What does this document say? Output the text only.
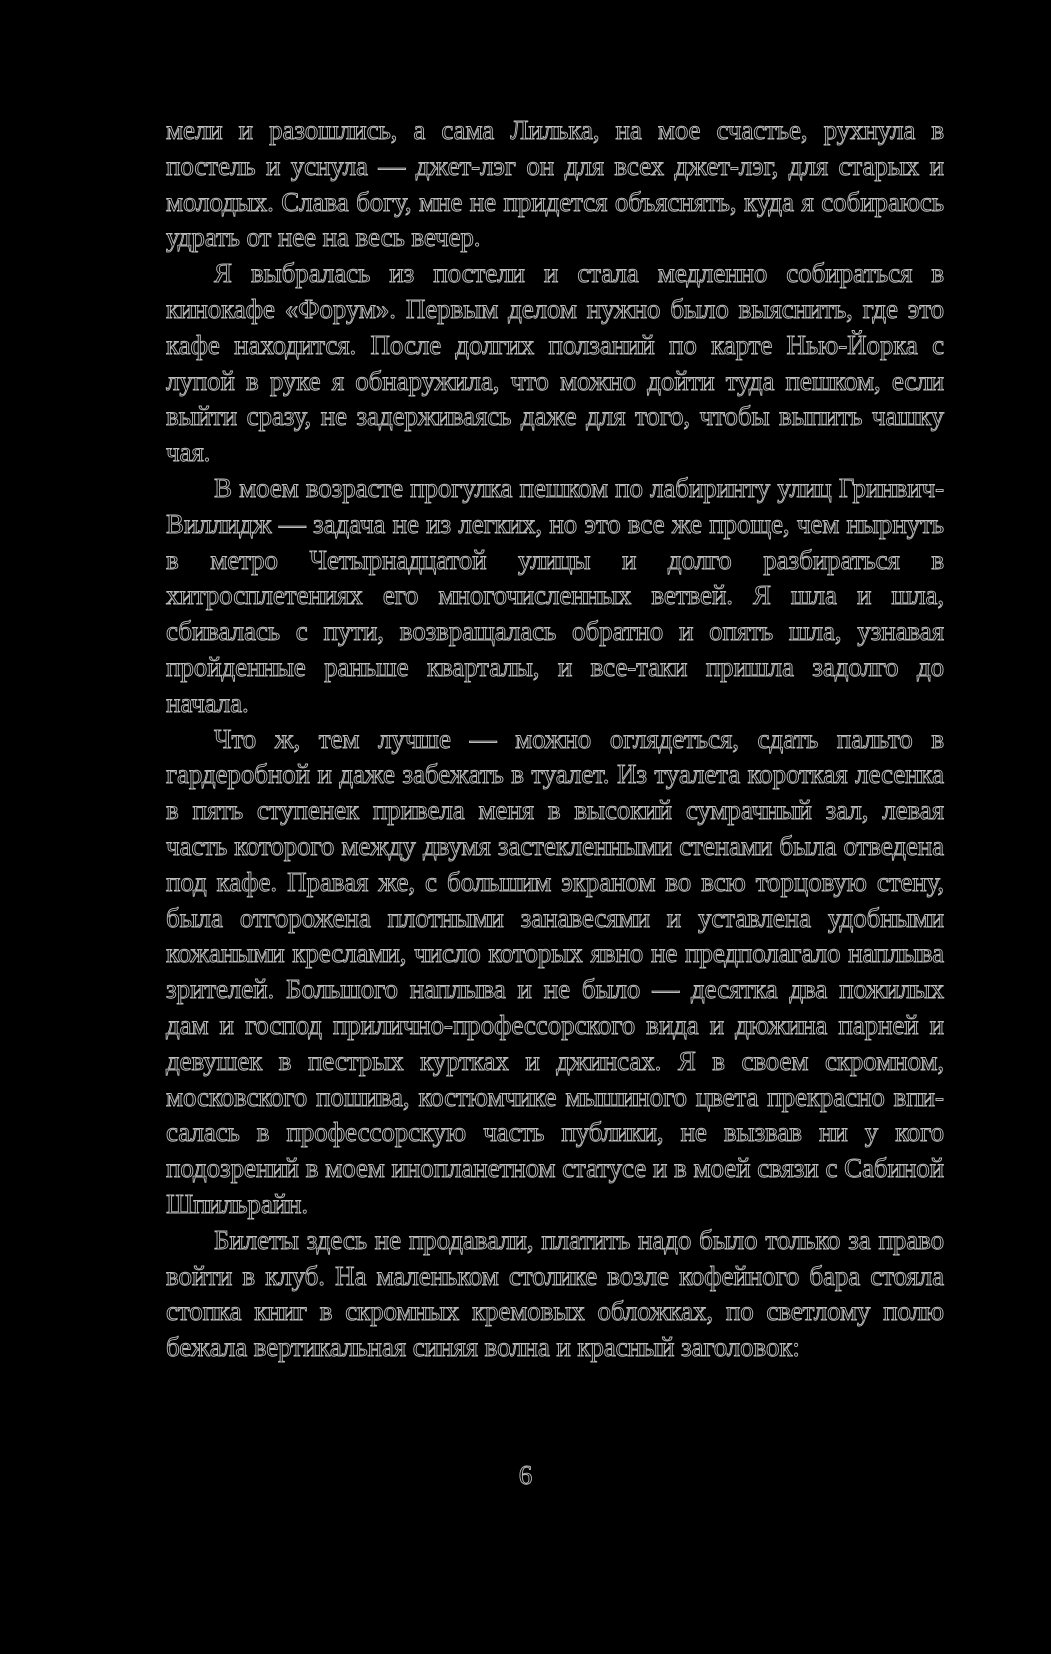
мели и разошлись, а сама Лилька, на мое счастье, рухнула в постель и уснула — джет-лэг он для всех джет-лэг, для старых и молодых. Слава богу, мне не придется объяснять, куда я собираюсь удрать от нее на весь вечер.

Я выбралась из постели и стала медленно собираться в кинокафе «Форум». Первым делом нужно было выяснить, где это кафе находится. После долгих ползаний по карте Нью-Йорка с лупой в руке я обнаружила, что можно дойти туда пешком, если выйти сразу, не задерживаясь даже для того, чтобы выпить чашку чая.

В моем возрасте прогулка пешком по лабиринту улиц Гринвич-Виллидж — задача не из легких, но это все же проще, чем нырнуть в метро Четырнадцатой улицы и долго разбираться в хитросплетениях его многочисленных ветвей. Я шла и шла, сбивалась с пути, возвращалась обратно и опять шла, узнавая пройденные раньше кварталы, и все-таки пришла задолго до начала.

Что ж, тем лучше — можно оглядеться, сдать пальто в гардеробной и даже забежать в туалет. Из туалета короткая лесенка в пять ступенек привела меня в высокий сумрачный зал, левая часть которого между двумя застекленными стенами была отведена под кафе. Правая же, с большим экраном во всю торцовую стену, была отгорожена плотными занавесями и уставлена удобными кожаными креслами, число которых явно не предполагало наплыва зрителей. Большого наплыва и не было — десятка два пожилых дам и господ прилично-профессорского вида и дюжина парней и девушек в пестрых куртках и джинсах. Я в своем скромном, московского пошива, костюмчике мышиного цвета прекрасно вписалась в профессорскую часть публики, не вызвав ни у кого подозрений в моем инопланетном статусе и в моей связи с Сабиной Шпильрайн.

Билеты здесь не продавали, платить надо было только за право войти в клуб. На маленьком столике возле кофейного бара стояла стопка книг в скромных кремовых обложках, по светлому полю бежала вертикальная синяя волна и красный заголовок:

6
